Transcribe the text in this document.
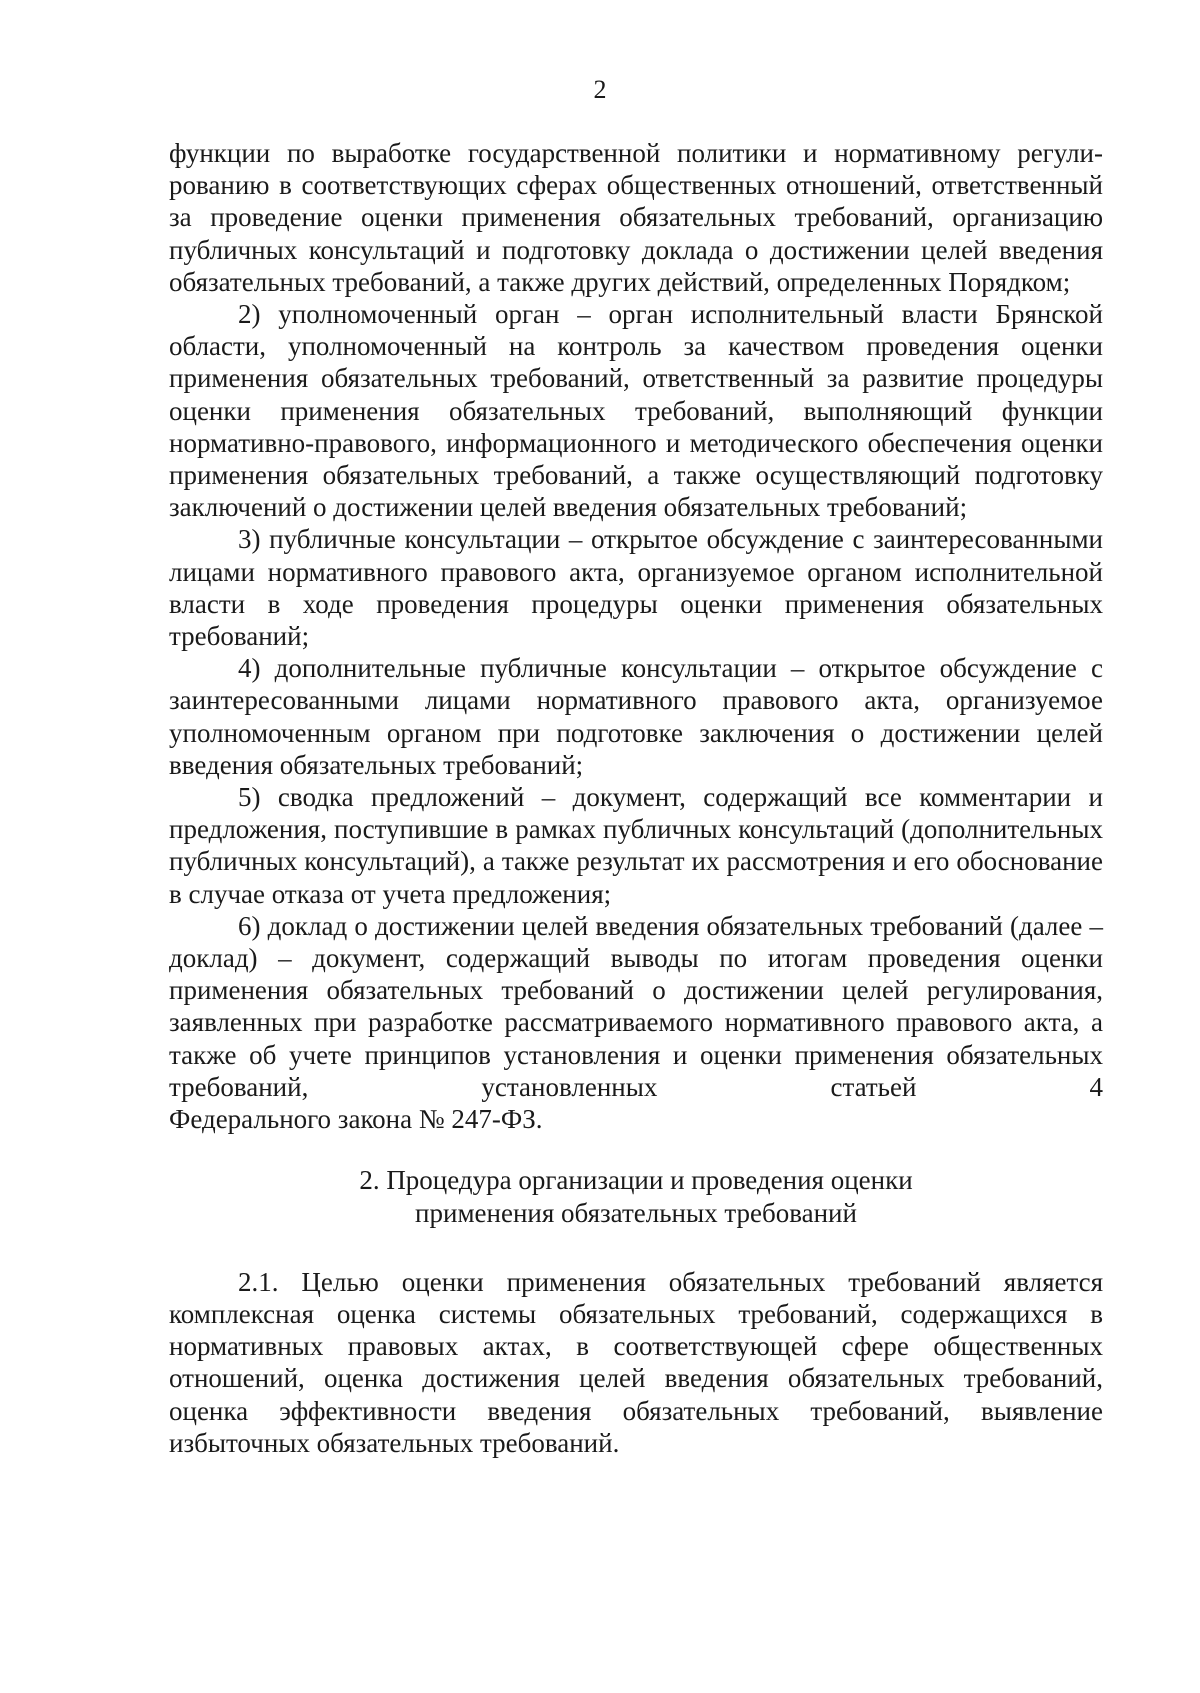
2

функции по выработке государственной политики и нормативному регулированию в соответствующих сферах общественных отношений, ответственный за проведение оценки применения обязательных требований, организацию публичных консультаций и подготовку доклада о достижении целей введения обязательных требований, а также других действий, определенных Порядком;

2) уполномоченный орган – орган исполнительный власти Брянской области, уполномоченный на контроль за качеством проведения оценки применения обязательных требований, ответственный за развитие процедуры оценки применения обязательных требований, выполняющий функции нормативно-правового, информационного и методического обеспечения оценки применения обязательных требований, а также осуществляющий подготовку заключений о достижении целей введения обязательных требований;

3) публичные консультации – открытое обсуждение с заинтересованными лицами нормативного правового акта, организуемое органом исполнительной власти в ходе проведения процедуры оценки применения обязательных требований;

4) дополнительные публичные консультации – открытое обсуждение с заинтересованными лицами нормативного правового акта, организуемое уполномоченным органом при подготовке заключения о достижении целей введения обязательных требований;

5) сводка предложений – документ, содержащий все комментарии и предложения, поступившие в рамках публичных консультаций (дополнительных публичных консультаций), а также результат их рассмотрения и его обоснование в случае отказа от учета предложения;

6) доклад о достижении целей введения обязательных требований (далее – доклад) – документ, содержащий выводы по итогам проведения оценки применения обязательных требований о достижении целей регулирования, заявленных при разработке рассматриваемого нормативного правового акта, а также об учете принципов установления и оценки применения обязательных требований, установленных статьей 4

Федерального закона № 247-ФЗ.

2. Процедура организации и проведения оценки
применения обязательных требований

2.1. Целью оценки применения обязательных требований является комплексная оценка системы обязательных требований, содержащихся в нормативных правовых актах, в соответствующей сфере общественных отношений, оценка достижения целей введения обязательных требований, оценка эффективности введения обязательных требований, выявление избыточных обязательных требований.
